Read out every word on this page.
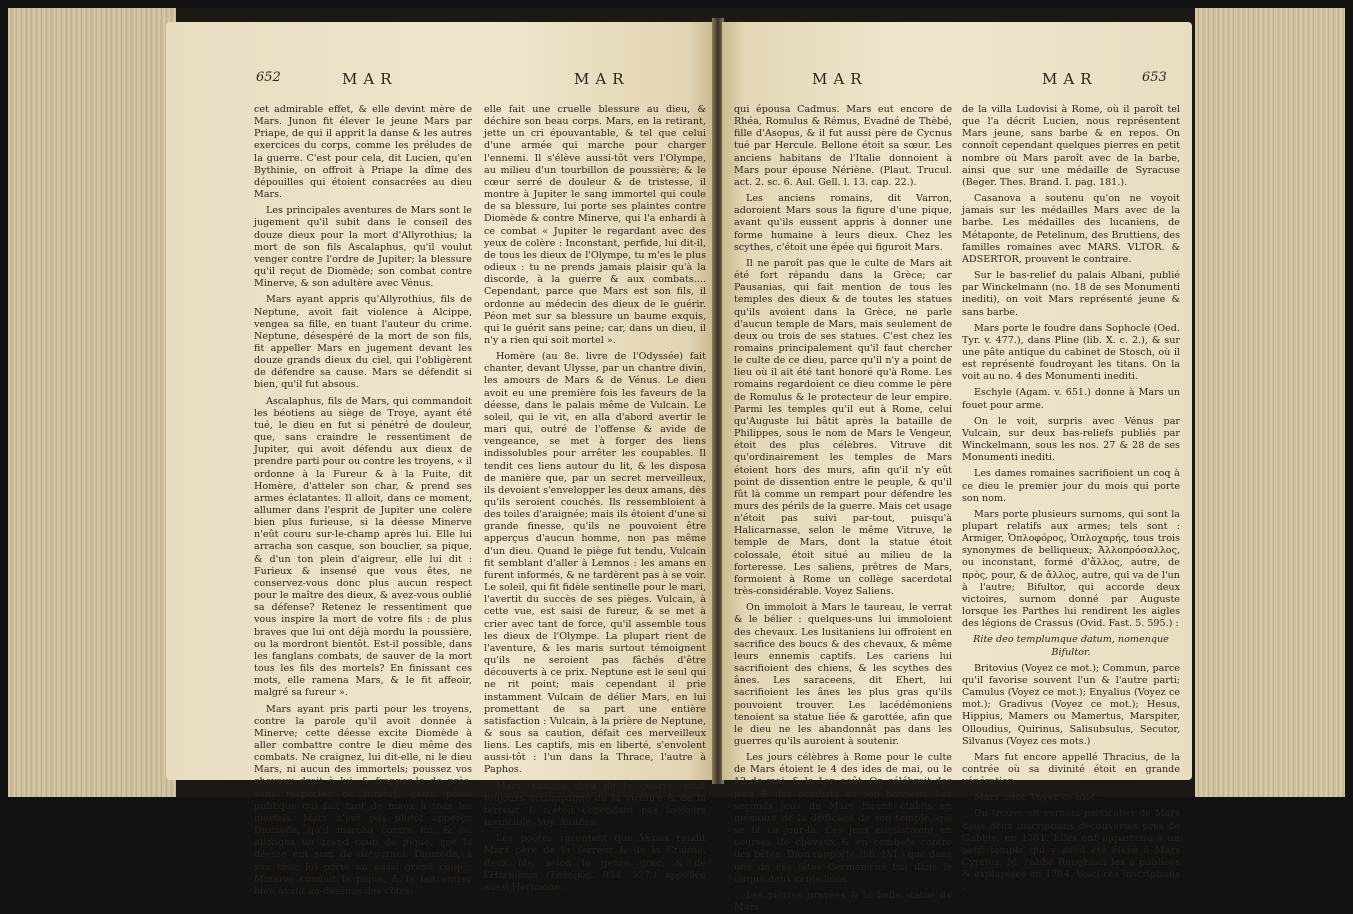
652	MAR	MAR

cet admirable effet, & elle devint mère de Mars. Junon fit élever le jeune Mars par Priape, de qui il apprit la danse & les autres exercices du corps, comme les préludes de la guerre. C'est pour cela, dit Lucien, qu'en Bythinie, on offroit à Priape la dîme des dépouilles qui étoient consacrées au dieu Mars.

Les principales aventures de Mars sont le jugement qu'il subit dans le conseil des douze dieux pour la mort d'Allyrothius; la mort de son fils Ascalaphus, qu'il voulut venger contre l'ordre de Jupiter; la blessure qu'il reçut de Diomède; son combat contre Minerve, & son adultère avec Vénus.

Mars ayant appris qu'Allyrothius, fils de Neptune, avoit fait violence à Alcippe, vengea sa fille, en tuant l'auteur du crime. Neptune, désespéré de la mort de son fils, fit appeller Mars en jugement devant les douze grands dieux du ciel, qui l'obligèrent de défendre sa cause. Mars se défendit si bien, qu'il fut absous.

Ascalaphus, fils de Mars, qui commandoit les béotiens au siège de Troye, ayant été tué, le dieu en fut si pénétré de douleur, que, sans craindre le ressentiment de Jupiter, qui avoit défendu aux dieux de prendre parti pour ou contre les troyens, « il ordonne à la Fureur & à la Fuite, dit Homère, d'atteler son char, & prend ses armes éclatantes. Il alloit, dans ce moment, allumer dans l'esprit de Jupiter une colère bien plus furieuse, si la déesse Minerve n'eût couru sur-le-champ après lui. Elle lui arracha son casque, son bouclier, sa pique, & d'un ton plein d'aigreur, elle lui dit : Furieux & insensé que vous êtes, ne conservez-vous donc plus aucun respect pour le maître des dieux, & avez-vous oublié sa défense? Retenez le ressentiment que vous inspire la mort de votre fils : de plus braves que lui ont déjà mordu la poussière, ou la mordront bientôt. Est-il possible, dans les fanglans combats, de sauver de la mort tous les fils des mortels? En finissant ces mots, elle ramena Mars, & le fit affeoir, malgré sa fureur ».

Mars ayant pris parti pour les troyens, contre la parole qu'il avoit donnée à Minerve; cette déesse excite Diomède à aller combattre contre le dieu même des combats. Ne craignez, lui dit-elle, ni le dieu Mars, ni aucun des immortels; poussez vos chevaux droit à lui, & frappez-le de près, sans respecter ce furieux, cette peste publique qui fait tant de maux à tous les mortels. Mars n'eut pas plutôt apperçu Diomède, qu'il marcha contre lui, & lui allongea un grand coup de pique, que la déesse eut soin de détourner. Diomède, à son tour, lui porte un aussi grand coup : Minerve conduit la pique, & la fait entrer bien avant au-dessous des côtes;

elle fait une cruelle blessure au dieu, & déchire son beau corps. Mars, en la retirant, jette un cri épouvantable, & tel que celui d'une armée qui marche pour charger l'ennemi. Il s'élève aussi-tôt vers l'Olympe, au milieu d'un tourbillon de poussière; & le cœur serré de douleur & de tristesse, il montre à Jupiter le sang immortel qui coule de sa blessure, lui porte ses plaintes contre Diomède & contre Minerve, qui l'a enhardi à ce combat « Jupiter le regardant avec des yeux de colère : Inconstant, perfide, lui dit-il, de tous les dieux de l'Olympe, tu m'es le plus odieux : tu ne prends jamais plaisir qu'à la discorde, à la guerre & aux combats.... Cependant, parce que Mars est son fils, il ordonne au médecin des dieux de le guérir. Péon met sur sa blessure un baume exquis, qui le guérit sans peine; car, dans un dieu, il n'y a rien qui soit mortel ».

Homère (au 8e. livre de l'Odyssée) fait chanter, devant Ulysse, par un chantre divin, les amours de Mars & de Vénus. Le dieu avoit eu une première fois les faveurs de la déesse, dans le palais même de Vulcain. Le soleil, qui le vit, en alla d'abord avertir le mari qui, outré de l'offense & avide de vengeance, se met à forger des liens indissolubles pour arrêter les coupables. Il tendit ces liens autour du lit, & les disposa de manière que, par un secret merveilleux, ils devoient s'envelopper les deux amans, dès qu'ils seroient couchés. Ils ressembloient à des toiles d'araignée; mais ils étoient d'une si grande finesse, qu'ils ne pouvoient être apperçus d'aucun homme, non pas même d'un dieu. Quand le piège fut tendu, Vulcain fit semblant d'aller à Lemnos : les amans en furent informés, & ne tardèrent pas à se voir. Le soleil, qui fit fidèle sentinelle pour le mari, l'avertit du succès de ses pièges. Vulcain, à cette vue, est saisi de fureur, & se met à crier avec tant de force, qu'il assemble tous les dieux de l'Olympe. La plupart rient de l'aventure, & les maris surtout témoignent qu'ils ne seroient pas fâchés d'être découverts à ce prix. Neptune est le seul qui ne rit point; mais cependant il prie instamment Vulcain de délier Mars, en lui promettant de sa part une entière satisfaction : Vulcain, à la prière de Neptune, & sous sa caution, défait ces merveilleux liens. Les captifs, mis en liberté, s'envolent aussi-tôt : l'un dans la Thrace, l'autre à Paphos.

Mars, comme dieu de la guerre, étoit toujours accompagné de la victoire & de la terreur. Il n'étoit cependant pas toujours invincible. Voy. Aloides.

Les poëtes racontent que Vénus rendit Mars père de la Terreur & de la Crainte, deux fils, selon le genre grec, & de l'Harmonie (Théogon. 934. 937.) appellée aussi Hermione,

MAR	MAR	653

qui épousa Cadmus. Mars eut encore de Rhéa, Romulus & Rémus, Evadné de Thèbé, fille d'Asopus, & il fut aussi père de Cycnus tué par Hercule. Bellone étoit sa sœur. Les anciens habitans de l'Italie donnoient à Mars pour épouse Nériène. (Plaut. Trucul. act. 2. sc. 6. Aul. Gell. l. 13. cap. 22.).

Les anciens romains, dit Varron, adoroient Mars sous la figure d'une pique, avant qu'ils eussent appris à donner une forme humaine à leurs dieux. Chez les scythes, c'étoit une épée qui figuroit Mars.

Il ne paroît pas que le culte de Mars ait été fort répandu dans la Grèce; car Pausanias, qui fait mention de tous les temples des dieux & de toutes les statues qu'ils avoient dans la Grèce, ne parle d'aucun temple de Mars, mais seulement de deux ou trois de ses statues. C'est chez les romains principalement qu'il faut chercher le culte de ce dieu, parce qu'il n'y a point de lieu où il ait été tant honoré qu'à Rome. Les romains regardoient ce dieu comme le père de Romulus & le protecteur de leur empire. Parmi les temples qu'il eut à Rome, celui qu'Auguste lui bâtit après la bataille de Philippes, sous le nom de Mars le Vengeur, étoit des plus célèbres. Vitruve dit qu'ordinairement les temples de Mars étoient hors des murs, afin qu'il n'y eût point de dissention entre le peuple, & qu'il fût là comme un rempart pour défendre les murs des périls de la guerre. Mais cet usage n'étoit pas suivi par-tout, puisqu'à Halicarnasse, selon le même Vitruve, le temple de Mars, dont la statue étoit colossale, étoit situé au milieu de la forteresse. Les saliens, prêtres de Mars, formoient à Rome un collège sacerdotal très-considérable. Voyez Saliens.

On immoloit à Mars le taureau, le verrat & le bélier : quelques-uns lui immoloient des chevaux. Les lusitaniens lui offroient en sacrifice des boucs & des chevaux, & même leurs ennemis captifs. Les cariens lui sacrifioient des chiens, & les scythes des ânes. Les saraceens, dit Ehert, lui sacrifioient les ânes les plus gras qu'ils pouvoient trouver. Les lacédémoniens tenoient sa statue liée & garottée, afin que le dieu ne les abandonnât pas dans les guerres qu'ils auroient à soutenir.

Les jours célèbres à Rome pour le culte de Mars étoient le 4 des ides de mai, ou le 12 de mai, & le 1er. août. On célébroit des jeux & des combats en son honneur. Les seconds jeux de Mars furent établis en mémoire de la dédicace de son temple, qui se fit ce jour-là. Ces jeux consistoient en courses de chevaux & en combats contre des bêtes. Dion rapporte (lib. LVI.) que dans une de ces fêtes Germanicus tua dans le cirque deux cents lions.

Les pierres gravées & la belle statue de Mars

de la villa Ludovisi à Rome, où il paroît tel que l'a décrit Lucien, nous représentent Mars jeune, sans barbe & en repos. On connoît cependant quelques pierres en petit nombre où Mars paroît avec de la barbe, ainsi que sur une médaille de Syracuse (Beger. Thes. Brand. I. pag. 181.).

Casanova a soutenu qu'on ne voyoit jamais sur les médailles Mars avec de la barbe. Les médailles des lucaniens, de Métaponte, de Petelinum, des Bruttiens, des familles romaines avec MARS. VLTOR. & ADSERTOR, prouvent le contraire.

Sur le bas-relief du palais Albani, publié par Winckelmann (no. 18 de ses Monumenti inediti), on voit Mars représenté jeune & sans barbe.

Mars porte le foudre dans Sophocle (Oed. Tyr. v. 477.), dans Pline (lib. X. c. 2.), & sur une pâte antique du cabinet de Stosch, où il est représenté foudroyant les titans. On la voit au no. 4 des Monumenti inediti.

Eschyle (Agam. v. 651.) donne à Mars un fouet pour arme.

On le voit, surpris avec Vénus par Vulcain, sur deux bas-reliefs publiés par Winckelmann, sous les nos. 27 & 28 de ses Monumenti inediti.

Les dames romaines sacrifioient un coq à ce dieu le premier jour du mois qui porte son nom.

Mars porte plusieurs surnoms, qui sont la plupart relatifs aux armes; tels sont : Armiger, Ὁπλοφόρος, Ὁπλοχαρής, tous trois synonymes de belliqueux; Ἀλλοπρόσαλλος, ou inconstant, formé d'ἄλλος, autre, de πρὸς, pour, & de ἄλλος, autre, qui va de l'un à l'autre; Bifultor, qui accorde deux victoires, surnom donné par Auguste lorsque les Parthes lui rendirent les aigles des légions de Crassus (Ovid. Fast. 5. 595.) :

Rite deo templumque datum, nomenque Bifultor.

Britovius (Voyez ce mot.); Commun, parce qu'il favorise souvent l'un & l'autre parti; Camulus (Voyez ce mot.); Enyalius (Voyez ce mot.); Gradivus (Voyez ce mot.); Hesus, Hippius, Mamers ou Mamertus, Marspiter, Olloudius, Quirinus, Salisubsulus, Secutor, Silvanus (Voyez ces mots.)

Mars fut encore appellé Thracius, de la contrée où sa divinité étoit en grande vénération.

Mars ultor. Voyez ce mot.

On trouve un surnom particulier de Mars dans deux inscriptions découvertes près de Gubbio, en 1781. Elles ont appartenu à un petit temple qui y avoit été élevé à Mars Cyprius. M. l'abbé Raughiaci les a publiées & expliquées en 1784. Voici ces inscriptions :
